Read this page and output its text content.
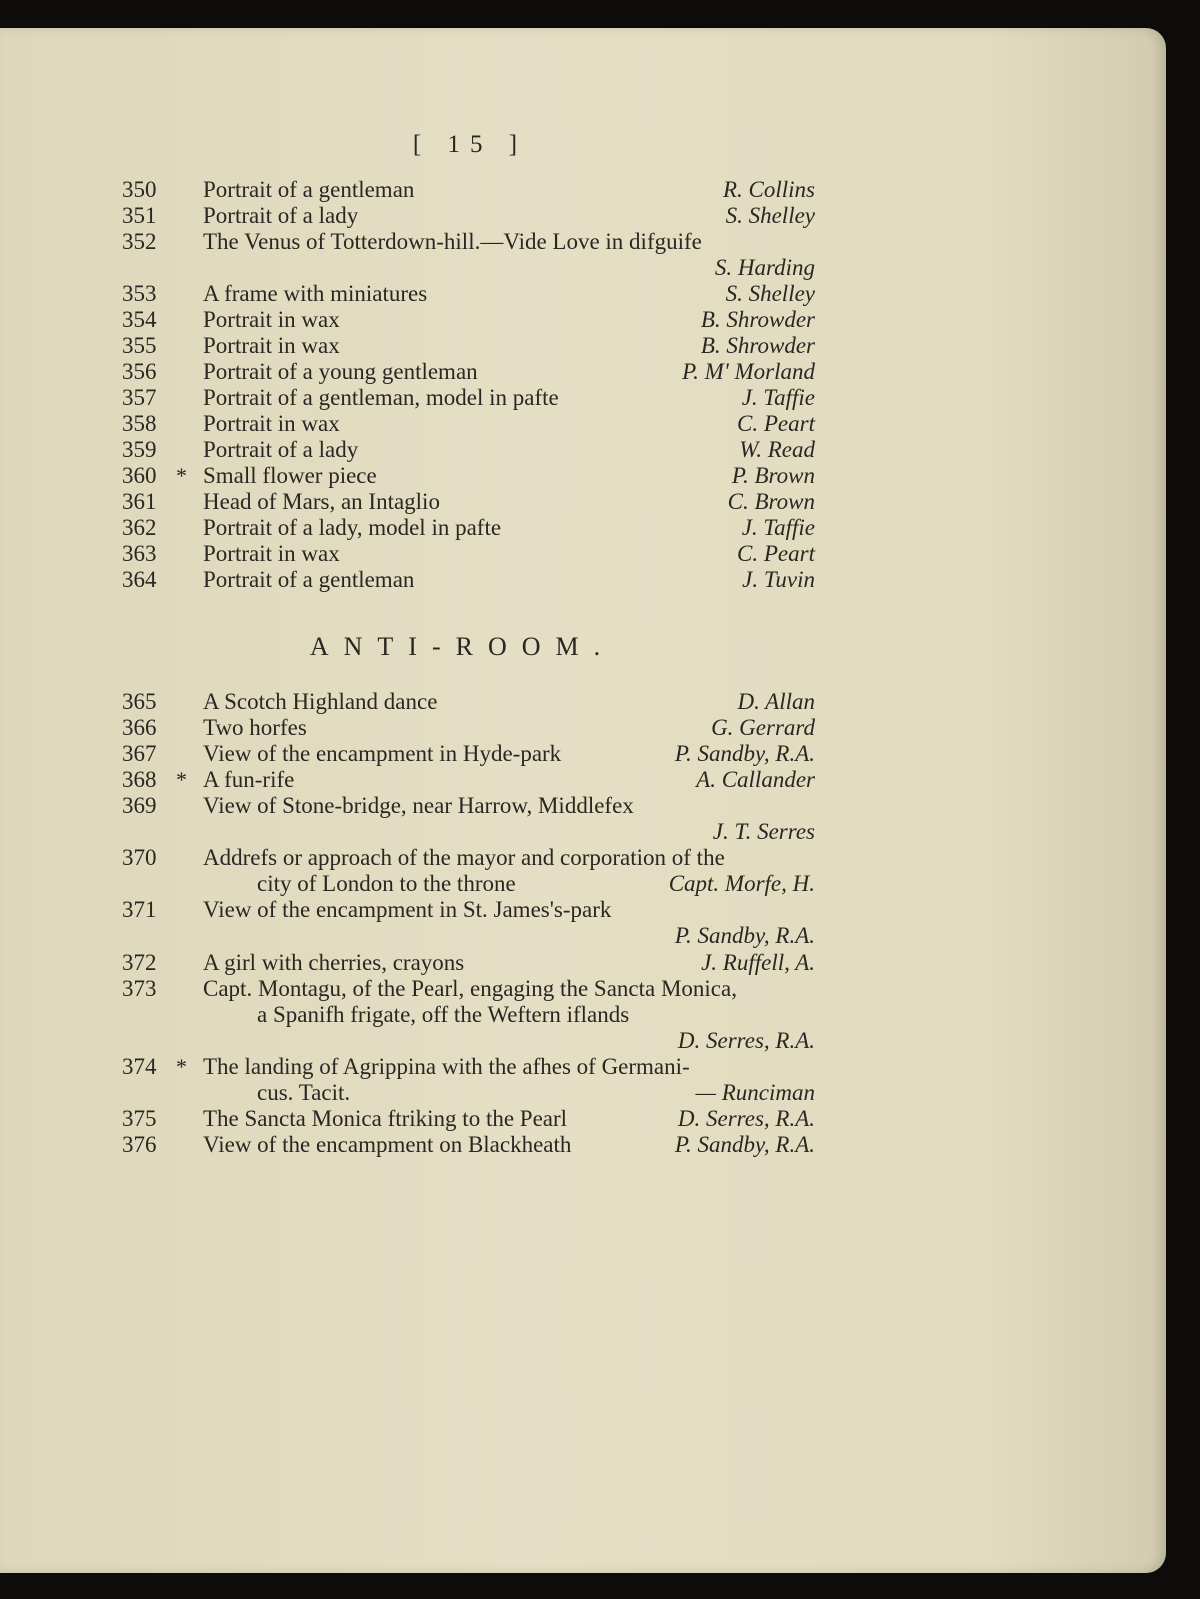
[ 15 ]
350 Portrait of a gentleman	R. Collins
351 Portrait of a lady	S. Shelley
352 The Venus of Totterdown-hill.—Vide Love in difguife
S. Harding
353 A frame with miniatures	S. Shelley
354 Portrait in wax	B. Shrowder
355 Portrait in wax	B. Shrowder
356 Portrait of a young gentleman	P. M' Morland
357 Portrait of a gentleman, model in pafte	J. Taffie
358 Portrait in wax	C. Peart
359 Portrait of a lady	W. Read
360 * Small flower piece	P. Brown
361 Head of Mars, an Intaglio	C. Brown
362 Portrait of a lady, model in pafte	J. Taffie
363 Portrait in wax	C. Peart
364 Portrait of a gentleman	J. Tuvin
ANTI-ROOM.
365 A Scotch Highland dance	D. Allan
366 Two horfes	G. Gerrard
367 View of the encampment in Hyde-park	P. Sandby, R.A.
368 * A fun-rife	A. Callander
369 View of Stone-bridge, near Harrow, Middlefex
J. T. Serres
370 Addrefs or approach of the mayor and corporation of the
city of London to the throne	Capt. Morfe, H.
371 View of the encampment in St. James's-park
P. Sandby, R.A.
372 A girl with cherries, crayons	J. Ruffell, A.
373 Capt. Montagu, of the Pearl, engaging the Sancta Monica,
a Spanifh frigate, off the Weftern iflands
D. Serres, R.A.
374 * The landing of Agrippina with the afhes of Germani-
cus. Tacit.	— Runciman
375 The Sancta Monica ftriking to the Pearl	D. Serres, R.A.
376 View of the encampment on Blackheath	P. Sandby, R.A.
